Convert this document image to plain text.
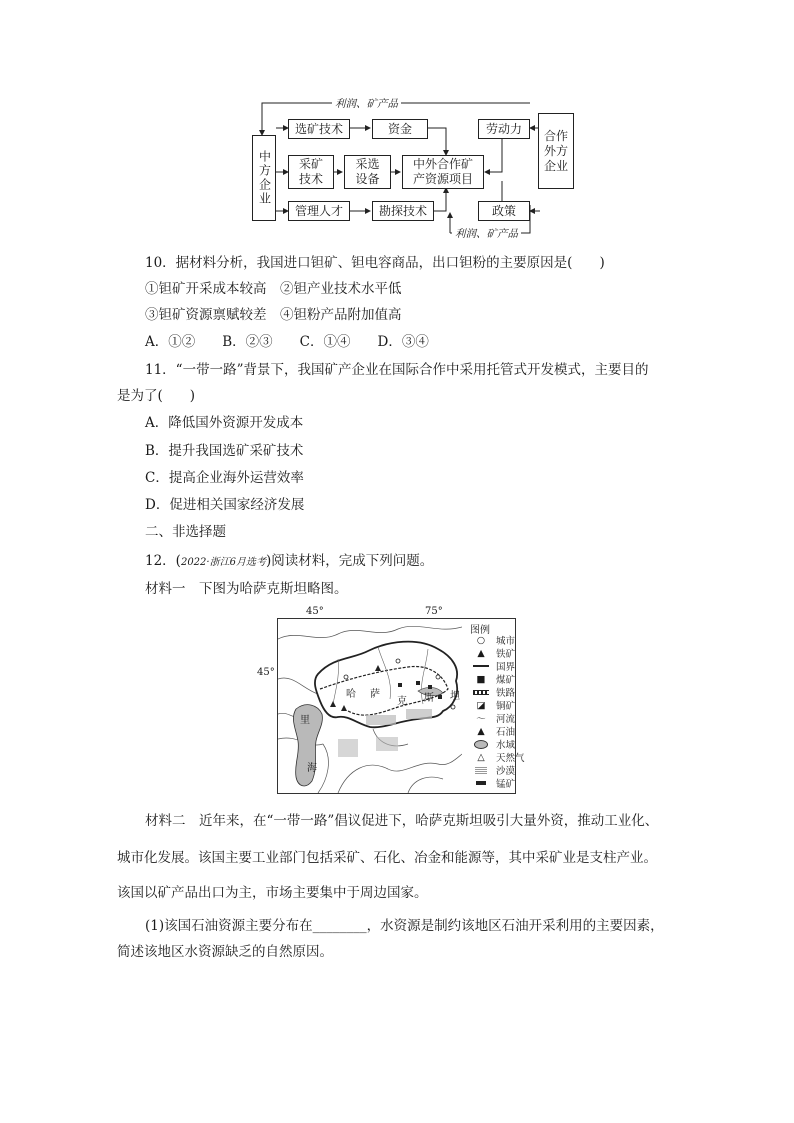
利润、矿产品
利润、矿产品
中方企业
选矿技术	资金	劳动力	合作外方企业
采矿技术
采选设备
中外合作矿产资源项目
管理人才	勘探技术	政策
10．据材料分析，我国进口钽矿、钽电容商品，出口钽粉的主要原因是(　　)
①钽矿开采成本较高　②钽产业技术水平低
③钽矿资源禀赋较差　④钽粉产品附加值高
A．①②　　B．②③　　C．①④　　D．③④
11．“一带一路”背景下，我国矿产企业在国际合作中采用托管式开发模式，主要目的
是为了(　　)
A．降低国外资源开发成本
B．提升我国选矿采矿技术
C．提高企业海外运营效率
D．促进相关国家经济发展
二、非选择题
12．(2022·浙江6月选考)阅读材料，完成下列问题。
材料一　下图为哈萨克斯坦略图。
45°	75°
45°
哈 萨
克 斯 坦
里
海
图例
○	城市
▲	铁矿
国界
■	煤矿
铁路
◪	铜矿
〜	河流
▲	石油
水域
△	天然气
沙漠
锰矿
材料二　近年来，在“一带一路”倡议促进下，哈萨克斯坦吸引大量外资，推动工业化、
城市化发展。该国主要工业部门包括采矿、石化、冶金和能源等，其中采矿业是支柱产业。
该国以矿产品出口为主，市场主要集中于周边国家。
(1)该国石油资源主要分布在________，水资源是制约该地区石油开采利用的主要因素，
简述该地区水资源缺乏的自然原因。
